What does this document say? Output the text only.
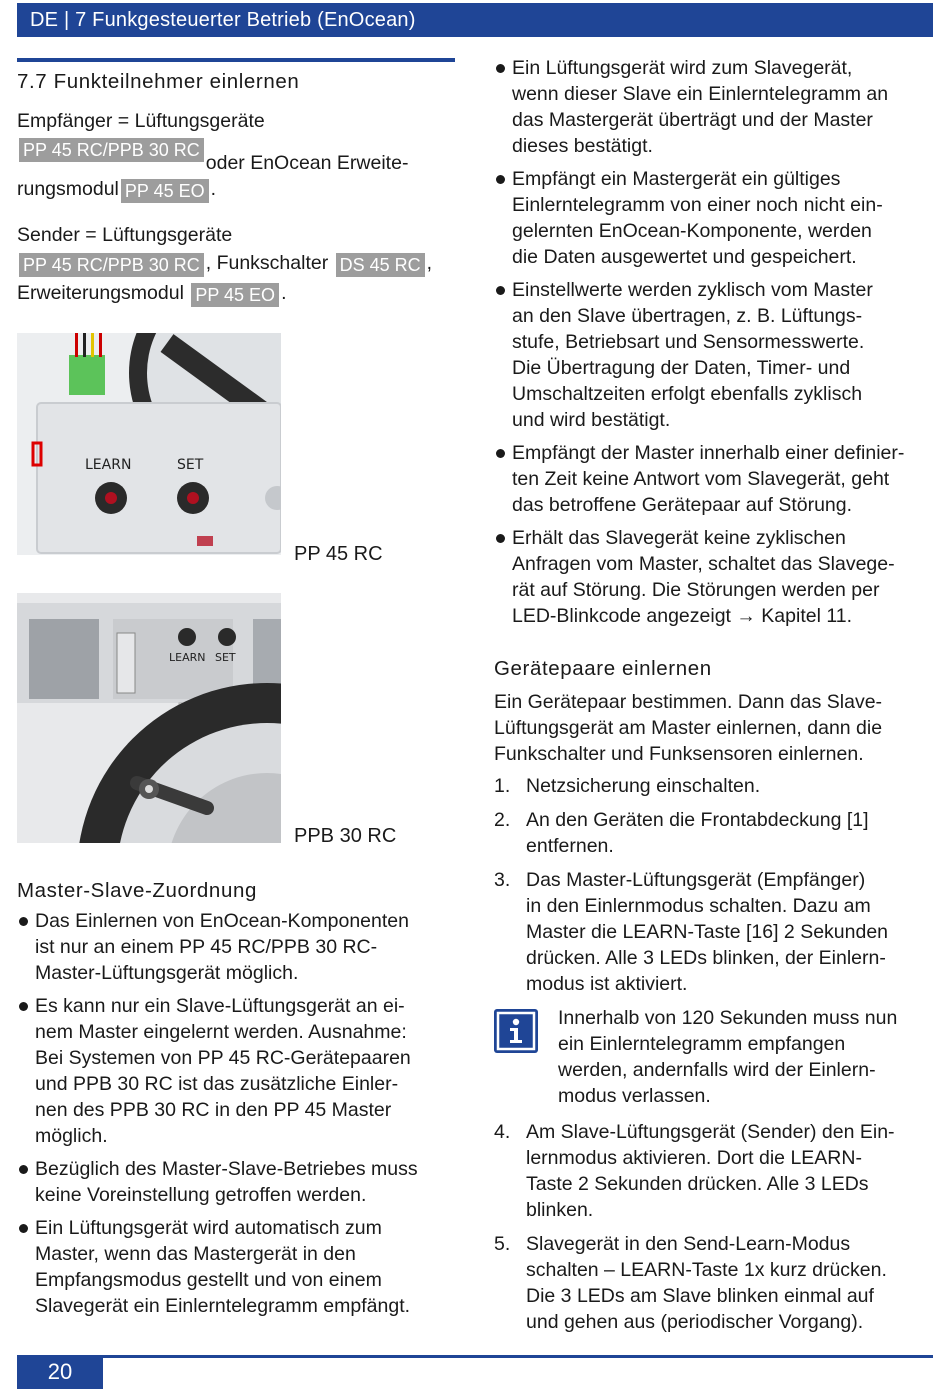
DE | 7 Funkgesteuerter Betrieb (EnOcean)
7.7 Funkteilnehmer einlernen
Empfänger = Lüftungsgeräte
PP 45 RC/PPB 30 RCoder EnOcean Erweite-
rungsmodul PP 45 EO .
Sender = Lüftungsgeräte
PP 45 RC/PPB 30 RC , Funkschalter DS 45 RC ,
Erweiterungsmodul PP 45 EO .
LEARN	SET
PP 45 RC
LEARN SET
PPB 30 RC
Master-Slave-Zuordnung
Das Einlernen von EnOcean-Komponenten
ist nur an einem PP 45 RC/PPB 30 RC-
Master-Lüftungsgerät möglich.
Es kann nur ein Slave-Lüftungsgerät an ei-
nem Master eingelernt werden. Ausnahme:
Bei Systemen von PP 45 RC-Gerätepaaren
und PPB 30 RC ist das zusätzliche Einler-
nen des PPB 30 RC in den PP 45 Master
möglich.
Bezüglich des Master-Slave-Betriebes muss
keine Voreinstellung getroffen werden.
Ein Lüftungsgerät wird automatisch zum
Master, wenn das Mastergerät in den
Empfangsmodus gestellt und von einem
Slavegerät ein Einlerntelegramm empfängt.
Ein Lüftungsgerät wird zum Slavegerät,
wenn dieser Slave ein Einlerntelegramm an
das Mastergerät überträgt und der Master
dieses bestätigt.
Empfängt ein Mastergerät ein gültiges
Einlerntelegramm von einer noch nicht ein-
gelernten EnOcean-Komponente, werden
die Daten ausgewertet und gespeichert.
Einstellwerte werden zyklisch vom Master
an den Slave übertragen, z. B. Lüftungs-
stufe, Betriebsart und Sensormesswerte.
Die Übertragung der Daten, Timer- und
Umschaltzeiten erfolgt ebenfalls zyklisch
und wird bestätigt.
Empfängt der Master innerhalb einer definier-
ten Zeit keine Antwort vom Slavegerät, geht
das betroffene Gerätepaar auf Störung.
Erhält das Slavegerät keine zyklischen
Anfragen vom Master, schaltet das Slavege-
rät auf Störung. Die Störungen werden per
LED-Blinkcode angezeigt → Kapitel 11.
Gerätepaare einlernen
Ein Gerätepaar bestimmen. Dann das Slave-
Lüftungsgerät am Master einlernen, dann die
Funkschalter und Funksensoren einlernen.
1. Netzsicherung einschalten.
2. An den Geräten die Frontabdeckung [1]
entfernen.
3. Das Master-Lüftungsgerät (Empfänger)
in den Einlernmodus schalten. Dazu am
Master die LEARN-Taste [16] 2 Sekunden
drücken. Alle 3 LEDs blinken, der Einlern-
modus ist aktiviert.
Innerhalb von 120 Sekunden muss nun
ein Einlerntelegramm empfangen
werden, andernfalls wird der Einlern-
modus verlassen.
4. Am Slave-Lüftungsgerät (Sender) den Ein-
lernmodus aktivieren. Dort die LEARN-
Taste 2 Sekunden drücken. Alle 3 LEDs
blinken.
5. Slavegerät in den Send-Learn-Modus
schalten – LEARN-Taste 1x kurz drücken.
Die 3 LEDs am Slave blinken einmal auf
und gehen aus (periodischer Vorgang).
20
